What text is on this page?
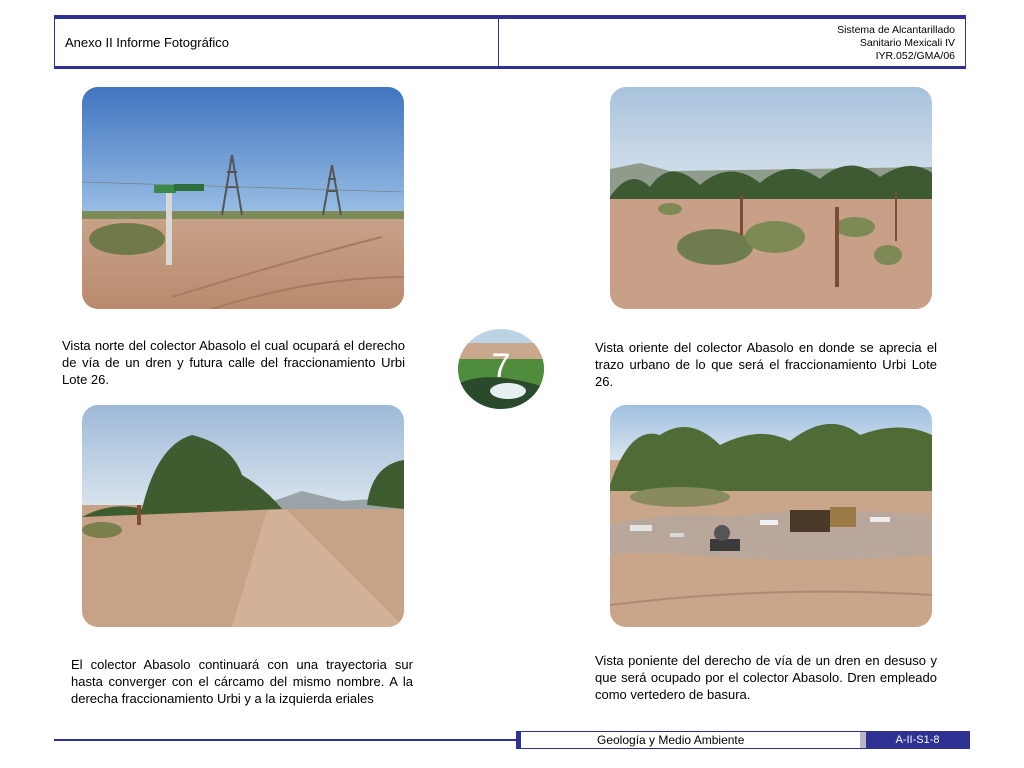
Anexo II Informe Fotográfico
Sistema de Alcantarillado
Sanitario Mexicali IV
IYR.052/GMA/06
7
Vista norte del colector Abasolo el cual ocupará el derecho de vía de un dren y futura calle del fraccionamiento Urbi Lote 26.
Vista oriente del colector Abasolo en donde se aprecia el trazo urbano de lo que será el fraccionamiento Urbi Lote 26.
El colector Abasolo continuará con una trayectoria sur hasta converger con el cárcamo del mismo nombre. A la derecha fraccionamiento Urbi y a la izquierda eriales
Vista poniente del derecho de vía de un dren en desuso y que será ocupado por el colector Abasolo. Dren empleado como vertedero de basura.
Geología y Medio Ambiente	A-II-S1-8
